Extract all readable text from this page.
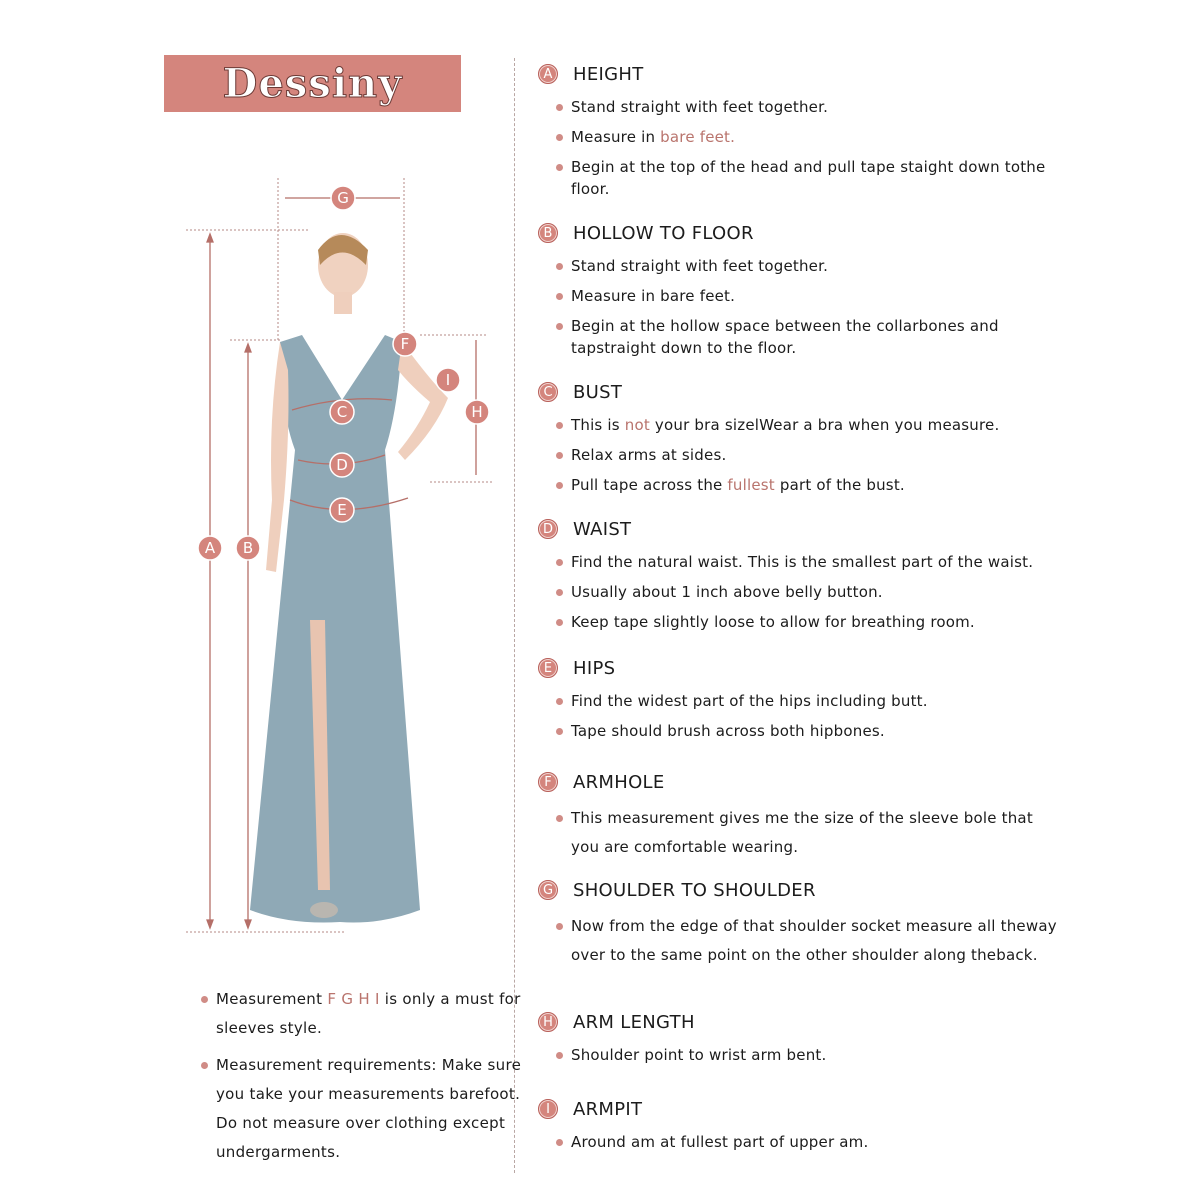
Dessiny
A B
C
D
E
F
G
H
I
A	HEIGHT
Stand straight with feet together.
Measure in bare feet.
Begin at the top of the head and pull tape staight down tothe floor.
B	HOLLOW TO FLOOR
Stand straight with feet together.
Measure in bare feet.
Begin at the hollow space between the collarbones and tapstraight down to the floor.
C	BUST
This is not your bra sizelWear a bra when you measure.
Relax arms at sides.
Pull tape across the fullest part of the bust.
D WAIST
Find the natural waist. This is the smallest part of the waist.
Usually about 1 inch above belly button.
Keep tape slightly loose to allow for breathing room.
E	HIPS
Find the widest part of the hips including butt.
Tape should brush across both hipbones.
F	ARMHOLE
This measurement gives me the size of the sleeve bole that you are comfortable wearing.
G SHOULDER TO SHOULDER
Now from the edge of that shoulder socket measure all theway over to the same point on the other shoulder along theback.
H ARM LENGTH
Shoulder point to wrist arm bent.
I	ARMPIT
Around am at fullest part of upper am.
Measurement F G H I is only a must for sleeves style.
Measurement requirements: Make sure you take your measurements barefoot. Do not measure over clothing except undergarments.
